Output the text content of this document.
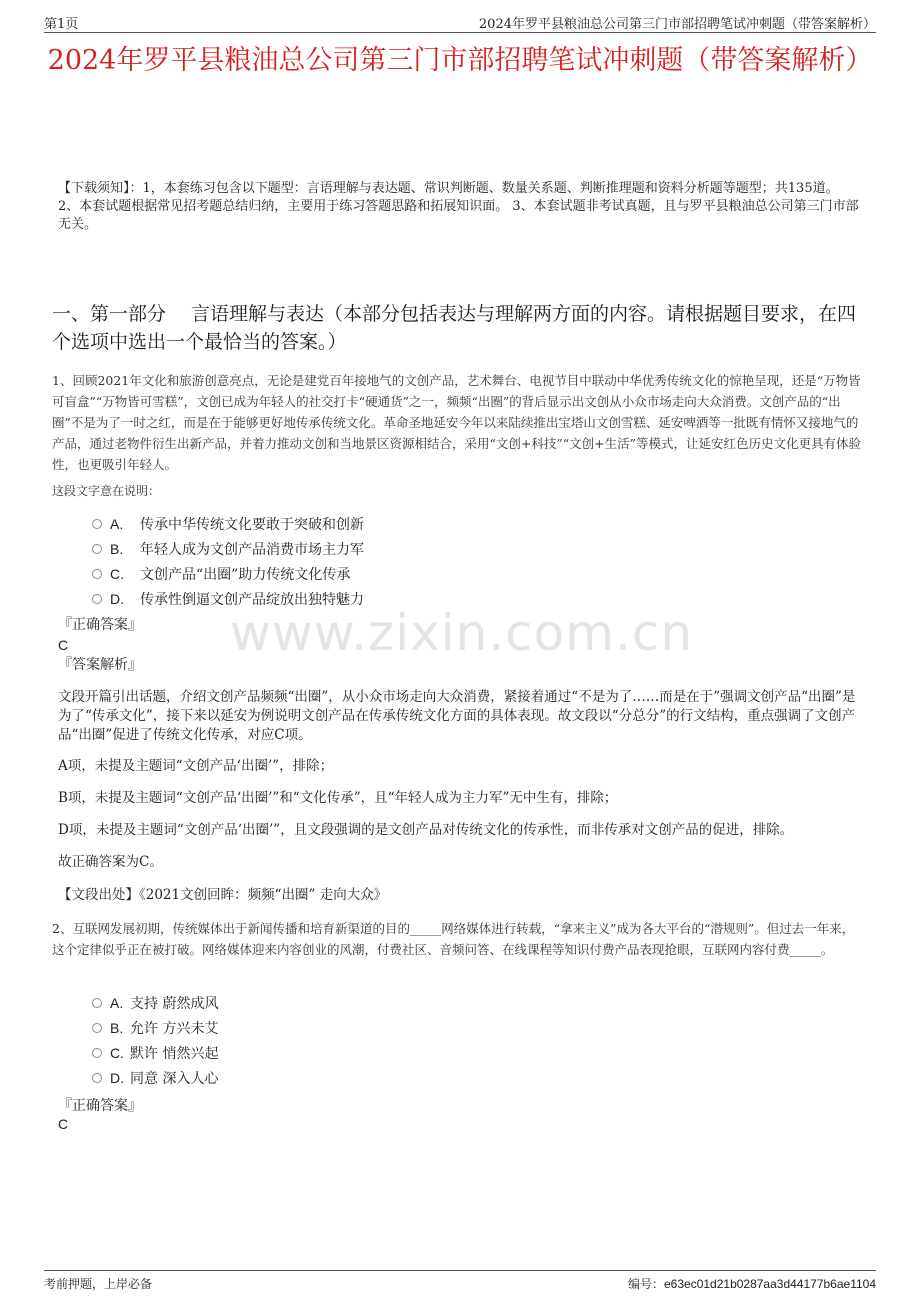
第1页	2024年罗平县粮油总公司第三门市部招聘笔试冲刺题（带答案解析）
2024年罗平县粮油总公司第三门市部招聘笔试冲刺题（带答案解析）
【下载须知】：1，本套练习包含以下题型：言语理解与表达题、常识判断题、数量关系题、判断推理题和资料分析题等题型；共135道。 2、本套试题根据常见招考题总结归纳，主要用于练习答题思路和拓展知识面。 3、本套试题非考试真题，且与罗平县粮油总公司第三门市部无关。
一、第一部分　 言语理解与表达（本部分包括表达与理解两方面的内容。请根据题目要求，在四个选项中选出一个最恰当的答案。）
1、回顾2021年文化和旅游创意亮点，无论是建党百年接地气的文创产品，艺术舞台、电视节目中联动中华优秀传统文化的惊艳呈现，还是“万物皆可盲盒”“万物皆可雪糕”，文创已成为年轻人的社交打卡“硬通货”之一，频频“出圈”的背后显示出文创从小众市场走向大众消费。文创产品的“出圈”不是为了一时之红，而是在于能够更好地传承传统文化。革命圣地延安今年以来陆续推出宝塔山文创雪糕、延安啤酒等一批既有情怀又接地气的产品，通过老物件衍生出新产品，并着力推动文创和当地景区资源相结合，采用“文创+科技”“文创+生活”等模式，让延安红色历史文化更具有体验性，也更吸引年轻人。
这段文字意在说明：
A.	传承中华传统文化要敢于突破和创新
B.	年轻人成为文创产品消费市场主力军
C.	文创产品“出圈”助力传统文化传承
D.	传承性倒逼文创产品绽放出独特魅力
www.zixin.com.cn
『正确答案』
C
『答案解析』
文段开篇引出话题，介绍文创产品频频“出圈”，从小众市场走向大众消费，紧接着通过“不是为了……而是在于”强调文创产品“出圈”是为了“传承文化”，接下来以延安为例说明文创产品在传承传统文化方面的具体表现。故文段以“分总分”的行文结构，重点强调了文创产品“出圈”促进了传统文化传承，对应C项。
A项，未提及主题词“文创产品‘出圈’”，排除；
B项，未提及主题词“文创产品‘出圈’”和“文化传承”，且“年轻人成为主力军”无中生有，排除；
D项，未提及主题词“文创产品‘出圈’”，且文段强调的是文创产品对传统文化的传承性，而非传承对文创产品的促进，排除。
故正确答案为C。
【文段出处】《2021文创回眸：频频“出圈” 走向大众》
2、互联网发展初期，传统媒体出于新闻传播和培育新渠道的目的_____网络媒体进行转载，“拿来主义”成为各大平台的“潜规则”。但过去一年来，这个定律似乎正在被打破。网络媒体迎来内容创业的风潮，付费社区、音频问答、在线课程等知识付费产品表现抢眼，互联网内容付费_____。
A. 支持 蔚然成风
B. 允许 方兴未艾
C. 默许 悄然兴起
D. 同意 深入人心
『正确答案』
C
考前押题，上岸必备	编号：e63ec01d21b0287aa3d44177b6ae1104
